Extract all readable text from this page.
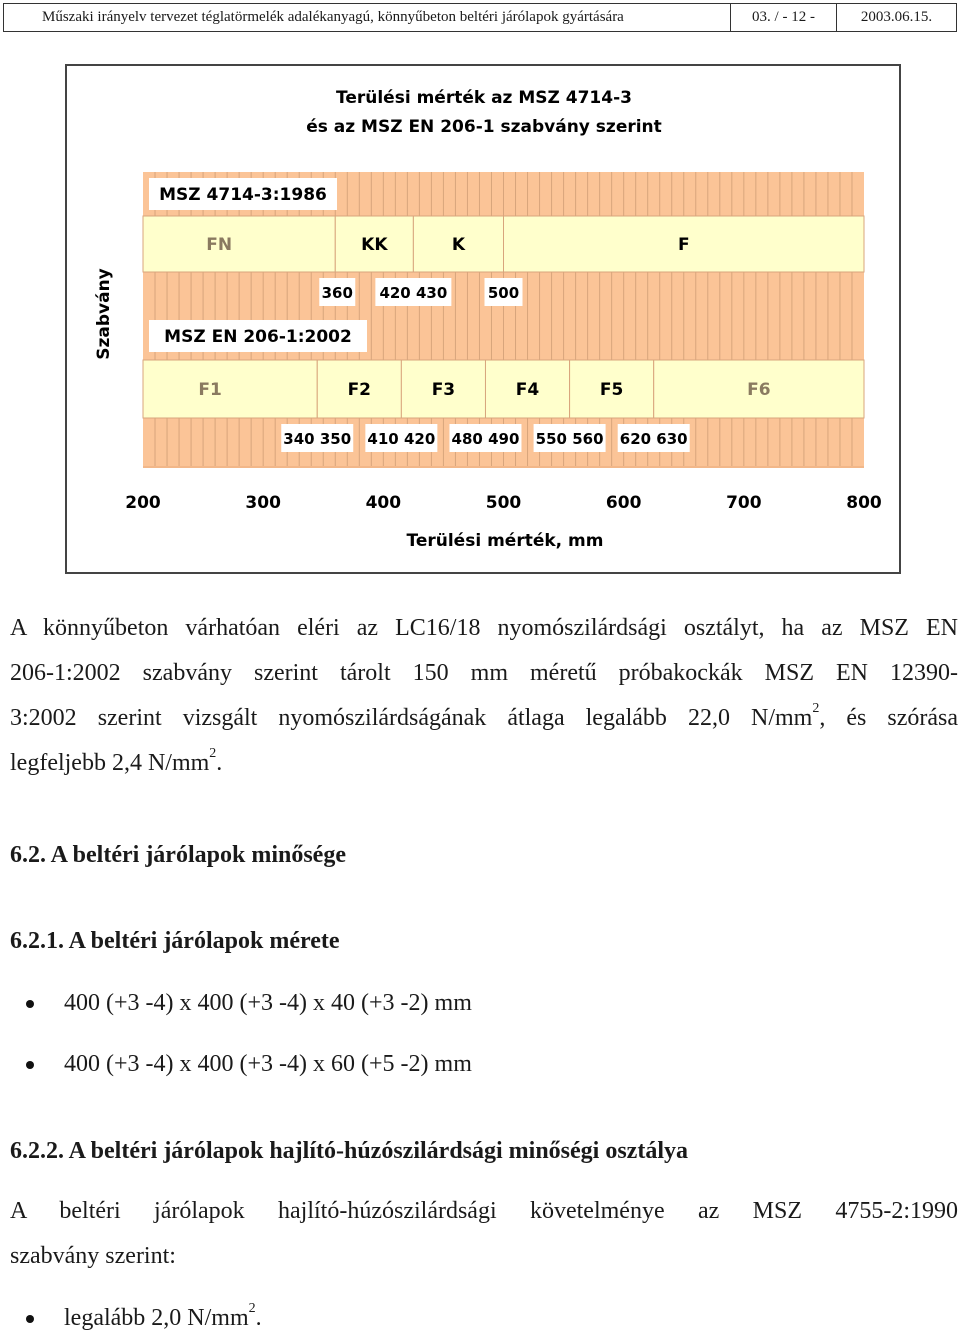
Műszaki irányelv tervezet téglatörmelék adalékanyagú, könnyűbeton beltéri járólapok gyártására	03. / - 12 -	2003.06.15.
Terülési mérték az MSZ 4714-3
és az MSZ EN 206-1 szabvány szerint
Szabvány
200	300	400	500	600	700	800
Terülési mérték, mm
MSZ 4714-3:1986
FN	KK	K	F
360 420 430	500
MSZ EN 206-1:2002
F1	F2	F3	F4	F5	F6
340 350 410 420 480 490 550 560 620 630
A könnyűbeton várhatóan eléri az LC16/18 nyomószilárdsági osztályt, ha az MSZ EN
206-1:2002 szabvány szerint tárolt 150 mm méretű próbakockák MSZ EN 12390-
3:2002 szerint vizsgált nyomószilárdságának átlaga legalább 22,0 $N/mm^2$, és szórása
legfeljebb 2,4 $N/mm^2$.
6.2. A beltéri járólapok minősége
6.2.1. A beltéri járólapok mérete
400 (+3 -4) x 400 (+3 -4) x 40 (+3 -2) mm
400 (+3 -4) x 400 (+3 -4) x 60 (+5 -2) mm
6.2.2. A beltéri járólapok hajlító-húzószilárdsági minőségi osztálya
A beltéri járólapok hajlító-húzószilárdsági követelménye az MSZ 4755-2:1990
szabvány szerint:
legalább 2,0 $N/mm^2$.
